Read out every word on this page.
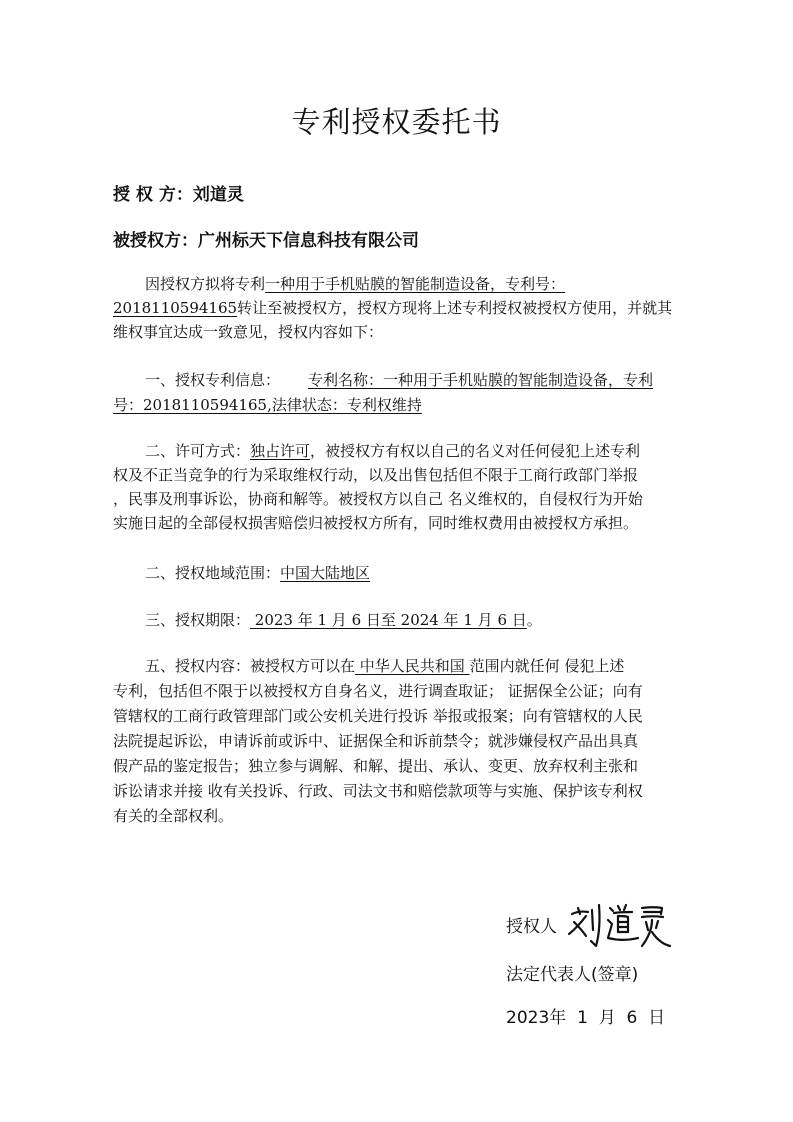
专利授权委托书
授 权 方：刘道灵
被授权方：广州标天下信息科技有限公司
因授权方拟将专利一种用于手机贴膜的智能制造设备，专利号：
2018110594165转让至被授权方，授权方现将上述专利授权被授权方使用，并就其
维权事宜达成一致意见，授权内容如下：
一、授权专利信息： 专利名称：一种用于手机贴膜的智能制造设备，专利
号：2018110594165,法律状态：专利权维持
二、许可方式：独占许可，被授权方有权以自己的名义对任何侵犯上述专利
权及不正当竞争的行为采取维权行动，以及出售包括但不限于工商行政部门举报
，民事及刑事诉讼，协商和解等。被授权方以自己 名义维权的，自侵权行为开始
实施日起的全部侵权损害赔偿归被授权方所有，同时维权费用由被授权方承担。
二、授权地域范围：中国大陆地区
三、授权期限： 2023 年 1 月 6 日至 2024 年 1 月 6 日。
五、授权内容：被授权方可以在 中华人民共和国 范围内就任何 侵犯上述
专利，包括但不限于以被授权方自身名义，进行调查取证； 证据保全公证；向有
管辖权的工商行政管理部门或公安机关进行投诉 举报或报案；向有管辖权的人民
法院提起诉讼，申请诉前或诉中、证据保全和诉前禁令；就涉嫌侵权产品出具真
假产品的鉴定报告；独立参与调解、和解、提出、承认、变更、放弃权利主张和
诉讼请求并接 收有关投诉、行政、司法文书和赔偿款项等与实施、保护该专利权
有关的全部权利。
授权人
法定代表人(签章)
2023年  1  月  6  日
